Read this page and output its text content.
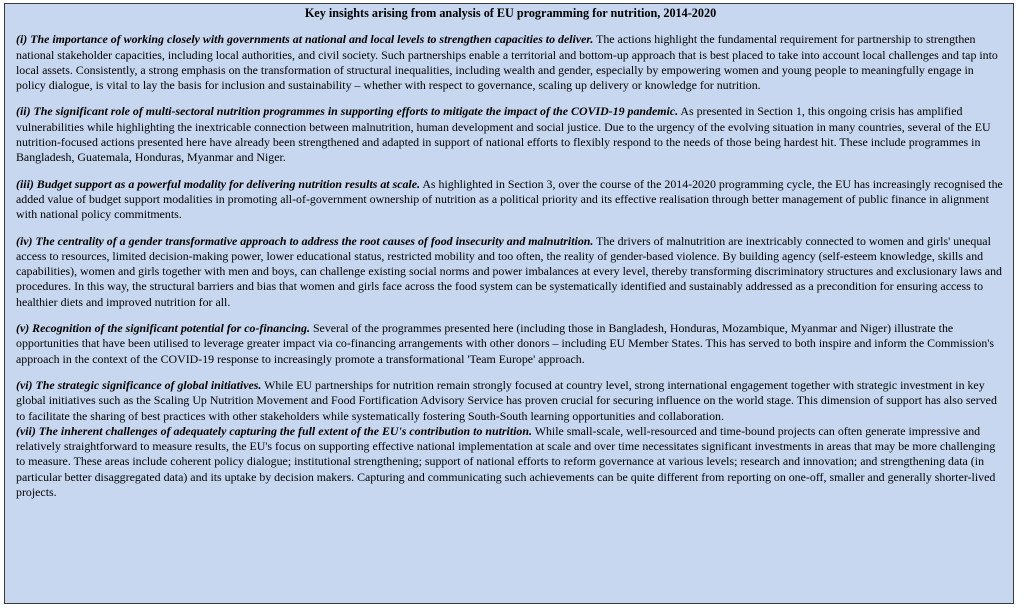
Key insights arising from analysis of EU programming for nutrition, 2014-2020

(i) The importance of working closely with governments at national and local levels to strengthen capacities to deliver. The actions highlight the fundamental requirement for partnership to strengthen national stakeholder capacities, including local authorities, and civil society. Such partnerships enable a territorial and bottom-up approach that is best placed to take into account local challenges and tap into local assets. Consistently, a strong emphasis on the transformation of structural inequalities, including wealth and gender, especially by empowering women and young people to meaningfully engage in policy dialogue, is vital to lay the basis for inclusion and sustainability – whether with respect to governance, scaling up delivery or knowledge for nutrition.

(ii) The significant role of multi-sectoral nutrition programmes in supporting efforts to mitigate the impact of the COVID-19 pandemic. As presented in Section 1, this ongoing crisis has amplified vulnerabilities while highlighting the inextricable connection between malnutrition, human development and social justice. Due to the urgency of the evolving situation in many countries, several of the EU nutrition-focused actions presented here have already been strengthened and adapted in support of national efforts to flexibly respond to the needs of those being hardest hit. These include programmes in Bangladesh, Guatemala, Honduras, Myanmar and Niger.

(iii) Budget support as a powerful modality for delivering nutrition results at scale. As highlighted in Section 3, over the course of the 2014-2020 programming cycle, the EU has increasingly recognised the added value of budget support modalities in promoting all-of-government ownership of nutrition as a political priority and its effective realisation through better management of public finance in alignment with national policy commitments.

(iv) The centrality of a gender transformative approach to address the root causes of food insecurity and malnutrition. The drivers of malnutrition are inextricably connected to women and girls' unequal access to resources, limited decision-making power, lower educational status, restricted mobility and too often, the reality of gender-based violence. By building agency (self-esteem knowledge, skills and capabilities), women and girls together with men and boys, can challenge existing social norms and power imbalances at every level, thereby transforming discriminatory structures and exclusionary laws and procedures. In this way, the structural barriers and bias that women and girls face across the food system can be systematically identified and sustainably addressed as a precondition for ensuring access to healthier diets and improved nutrition for all.

(v) Recognition of the significant potential for co-financing. Several of the programmes presented here (including those in Bangladesh, Honduras, Mozambique, Myanmar and Niger) illustrate the opportunities that have been utilised to leverage greater impact via co-financing arrangements with other donors – including EU Member States. This has served to both inspire and inform the Commission's approach in the context of the COVID-19 response to increasingly promote a transformational 'Team Europe' approach.

(vi) The strategic significance of global initiatives. While EU partnerships for nutrition remain strongly focused at country level, strong international engagement together with strategic investment in key global initiatives such as the Scaling Up Nutrition Movement and Food Fortification Advisory Service has proven crucial for securing influence on the world stage. This dimension of support has also served to facilitate the sharing of best practices with other stakeholders while systematically fostering South-South learning opportunities and collaboration.

(vii) The inherent challenges of adequately capturing the full extent of the EU's contribution to nutrition. While small-scale, well-resourced and time-bound projects can often generate impressive and relatively straightforward to measure results, the EU's focus on supporting effective national implementation at scale and over time necessitates significant investments in areas that may be more challenging to measure. These areas include coherent policy dialogue; institutional strengthening; support of national efforts to reform governance at various levels; research and innovation; and strengthening data (in particular better disaggregated data) and its uptake by decision makers. Capturing and communicating such achievements can be quite different from reporting on one-off, smaller and generally shorter-lived projects.
